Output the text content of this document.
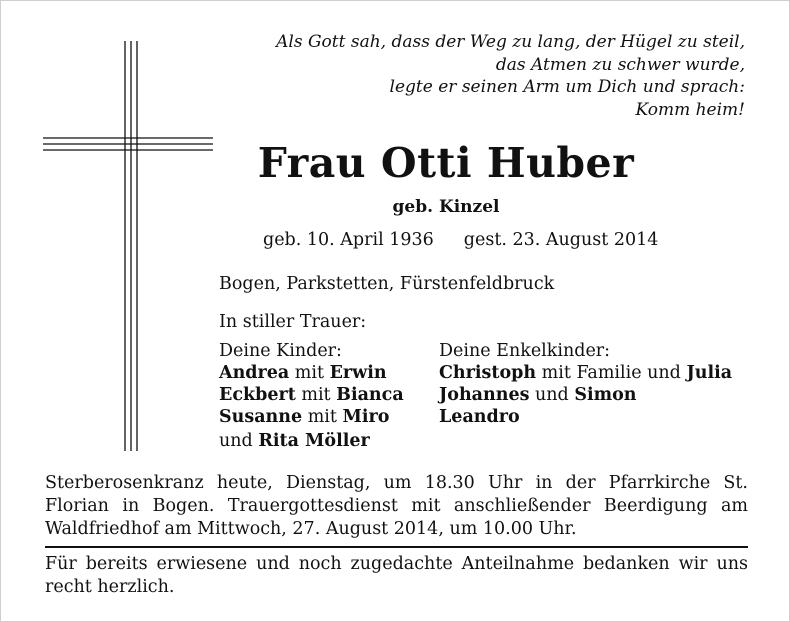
Als Gott sah, dass der Weg zu lang, der Hügel zu steil,
das Atmen zu schwer wurde,
legte er seinen Arm um Dich und sprach:
Komm heim!
Frau Otti Huber
geb. Kinzel
geb. 10. April 1936 gest. 23. August 2014
Bogen, Parkstetten, Fürstenfeldbruck
In stiller Trauer:
Deine Kinder:
Andrea mit Erwin
Eckbert mit Bianca
Susanne mit Miro
Deine Enkelkinder:
Christoph mit Familie und Julia
Johannes und Simon
Leandro
und Rita Möller
Sterberosenkranz heute, Dienstag, um 18.30 Uhr in der Pfarrkirche St. Florian in Bogen. Trauergottesdienst mit anschließender Beerdigung am Waldfriedhof am Mittwoch, 27. August 2014, um 10.00 Uhr.
Für bereits erwiesene und noch zugedachte Anteilnahme bedanken wir uns recht herzlich.
